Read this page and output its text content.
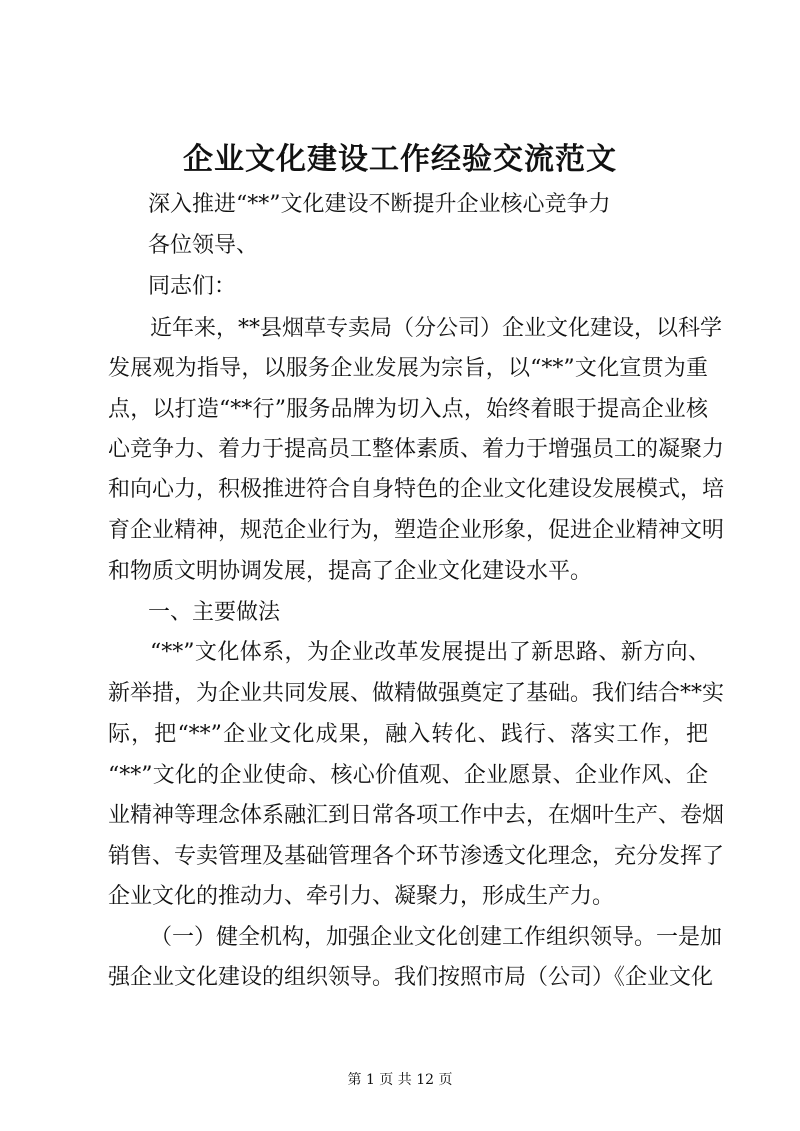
企业文化建设工作经验交流范文
深入推进“**”文化建设不断提升企业核心竞争力
各位领导、
同志们：
近年来，**县烟草专卖局（分公司）企业文化建设，以科学
发展观为指导，以服务企业发展为宗旨，以“**”文化宣贯为重
点，以打造“**行”服务品牌为切入点，始终着眼于提高企业核
心竞争力、着力于提高员工整体素质、着力于增强员工的凝聚力
和向心力，积极推进符合自身特色的企业文化建设发展模式，培
育企业精神，规范企业行为，塑造企业形象，促进企业精神文明
和物质文明协调发展，提高了企业文化建设水平。
一、主要做法
“**”文化体系，为企业改革发展提出了新思路、新方向、
新举措，为企业共同发展、做精做强奠定了基础。我们结合**实
际，把“**”企业文化成果，融入转化、践行、落实工作，把
“**”文化的企业使命、核心价值观、企业愿景、企业作风、企
业精神等理念体系融汇到日常各项工作中去，在烟叶生产、卷烟
销售、专卖管理及基础管理各个环节渗透文化理念，充分发挥了
企业文化的推动力、牵引力、凝聚力，形成生产力。
（一）健全机构，加强企业文化创建工作组织领导。一是加
强企业文化建设的组织领导。我们按照市局（公司）《企业文化
第 1 页 共 12 页
